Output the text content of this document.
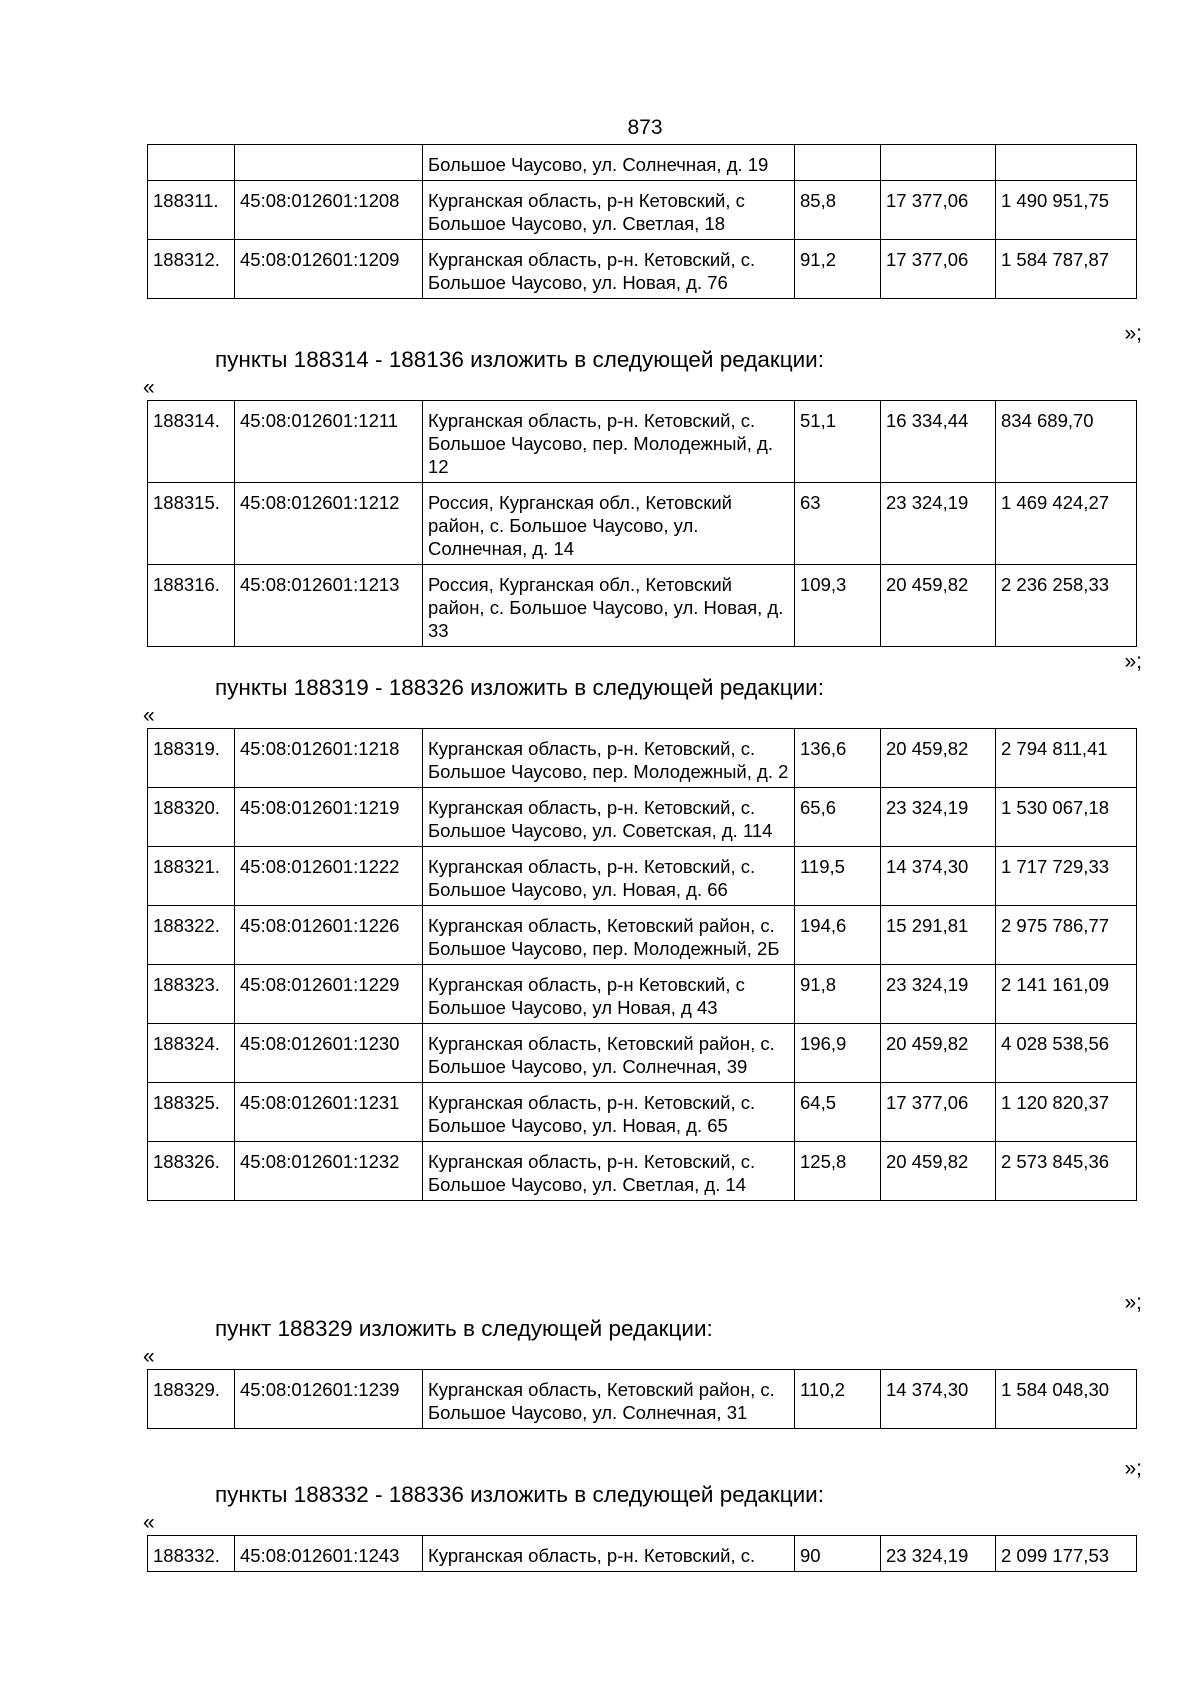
873
		Большое Чаусово, ул. Солнечная, д. 19			
188311.	45:08:012601:1208	Курганская область, р-н Кетовский, с Большое Чаусово, ул. Светлая, 18	85,8	17 377,06	1 490 951,75
188312.	45:08:012601:1209	Курганская область, р-н. Кетовский, с. Большое Чаусово, ул. Новая, д. 76	91,2	17 377,06	1 584 787,87
»;
пункты 188314 - 188136 изложить в следующей редакции:
«
188314.	45:08:012601:1211	Курганская область, р-н. Кетовский, с. Большое Чаусово, пер. Молодежный, д. 12	51,1	16 334,44	834 689,70
188315.	45:08:012601:1212	Россия, Курганская обл., Кетовский район, с. Большое Чаусово, ул. Солнечная, д. 14	63	23 324,19	1 469 424,27
188316.	45:08:012601:1213	Россия, Курганская обл., Кетовский район, с. Большое Чаусово, ул. Новая, д. 33	109,3	20 459,82	2 236 258,33
»;
пункты 188319 - 188326 изложить в следующей редакции:
«
188319.	45:08:012601:1218	Курганская область, р-н. Кетовский, с. Большое Чаусово, пер. Молодежный, д. 2	136,6	20 459,82	2 794 811,41
188320.	45:08:012601:1219	Курганская область, р-н. Кетовский, с. Большое Чаусово, ул. Советская, д. 114	65,6	23 324,19	1 530 067,18
188321.	45:08:012601:1222	Курганская область, р-н. Кетовский, с. Большое Чаусово, ул. Новая, д. 66	119,5	14 374,30	1 717 729,33
188322.	45:08:012601:1226	Курганская область, Кетовский район, с. Большое Чаусово, пер. Молодежный, 2Б	194,6	15 291,81	2 975 786,77
188323.	45:08:012601:1229	Курганская область, р-н Кетовский, с Большое Чаусово, ул Новая, д 43	91,8	23 324,19	2 141 161,09
188324.	45:08:012601:1230	Курганская область, Кетовский район, с. Большое Чаусово, ул. Солнечная, 39	196,9	20 459,82	4 028 538,56
188325.	45:08:012601:1231	Курганская область, р-н. Кетовский, с. Большое Чаусово, ул. Новая, д. 65	64,5	17 377,06	1 120 820,37
188326.	45:08:012601:1232	Курганская область, р-н. Кетовский, с. Большое Чаусово, ул. Светлая, д. 14	125,8	20 459,82	2 573 845,36
»;
пункт 188329 изложить в следующей редакции:
«
188329.	45:08:012601:1239	Курганская область, Кетовский район, с. Большое Чаусово, ул. Солнечная, 31	110,2	14 374,30	1 584 048,30
»;
пункты 188332 - 188336 изложить в следующей редакции:
«
188332.	45:08:012601:1243	Курганская область, р-н. Кетовский, с.	90	23 324,19	2 099 177,53
